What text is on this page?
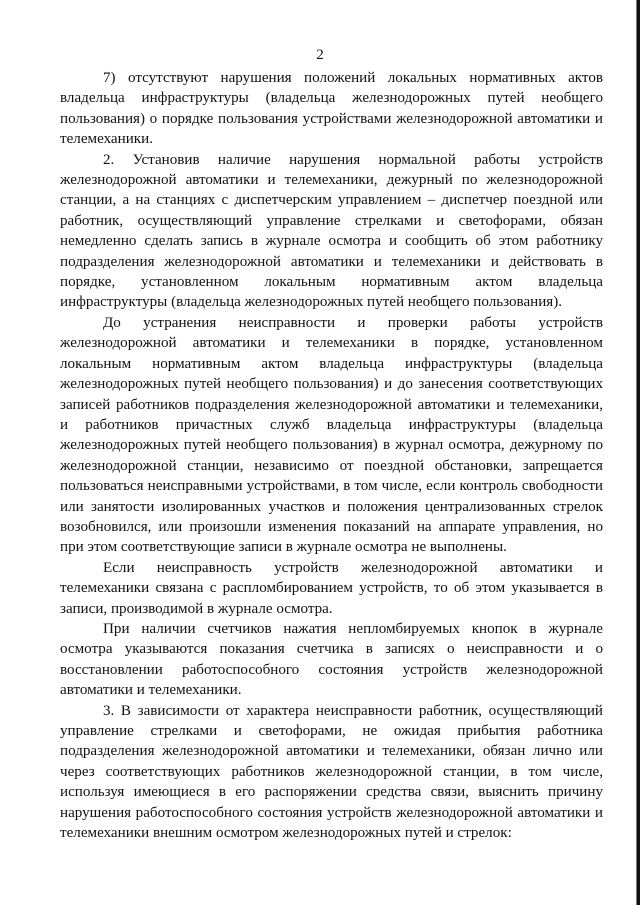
2

7) отсутствуют нарушения положений локальных нормативных актов владельца инфраструктуры (владельца железнодорожных путей необщего пользования) о порядке пользования устройствами железнодорожной автоматики и телемеханики.

2. Установив наличие нарушения нормальной работы устройств железнодорожной автоматики и телемеханики, дежурный по железнодорожной станции, а на станциях с диспетчерским управлением – диспетчер поездной или работник, осуществляющий управление стрелками и светофорами, обязан немедленно сделать запись в журнале осмотра и сообщить об этом работнику подразделения железнодорожной автоматики и телемеханики и действовать в порядке, установленном локальным нормативным актом владельца инфраструктуры (владельца железнодорожных путей необщего пользования).

До устранения неисправности и проверки работы устройств железнодорожной автоматики и телемеханики в порядке, установленном локальным нормативным актом владельца инфраструктуры (владельца железнодорожных путей необщего пользования) и до занесения соответствующих записей работников подразделения железнодорожной автоматики и телемеханики, и работников причастных служб владельца инфраструктуры (владельца железнодорожных путей необщего пользования) в журнал осмотра, дежурному по железнодорожной станции, независимо от поездной обстановки, запрещается пользоваться неисправными устройствами, в том числе, если контроль свободности или занятости изолированных участков и положения централизованных стрелок возобновился, или произошли изменения показаний на аппарате управления, но при этом соответствующие записи в журнале осмотра не выполнены.

Если неисправность устройств железнодорожной автоматики и телемеханики связана с распломбированием устройств, то об этом указывается в записи, производимой в журнале осмотра.

При наличии счетчиков нажатия непломбируемых кнопок в журнале осмотра указываются показания счетчика в записях о неисправности и о восстановлении работоспособного состояния устройств железнодорожной автоматики и телемеханики.

3. В зависимости от характера неисправности работник, осуществляющий управление стрелками и светофорами, не ожидая прибытия работника подразделения железнодорожной автоматики и телемеханики, обязан лично или через соответствующих работников железнодорожной станции, в том числе, используя имеющиеся в его распоряжении средства связи, выяснить причину нарушения работоспособного состояния устройств железнодорожной автоматики и телемеханики внешним осмотром железнодорожных путей и стрелок:
